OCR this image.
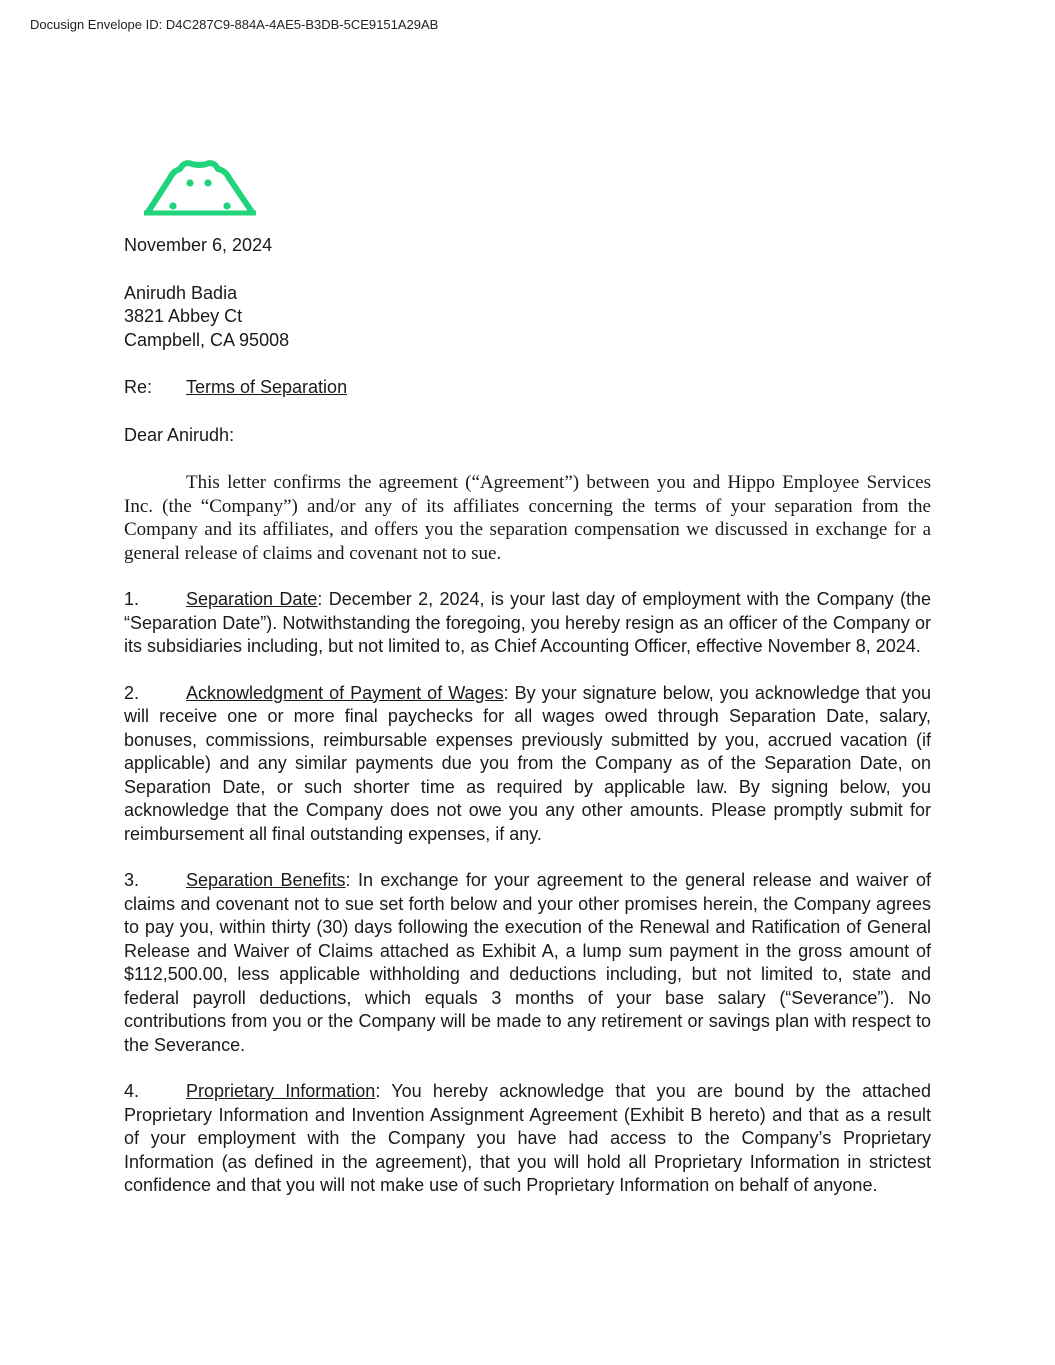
Docusign Envelope ID: D4C287C9-884A-4AE5-B3DB-5CE9151A29AB
November 6, 2024
Anirudh Badia
3821 Abbey Ct
Campbell, CA 95008
Re: Terms of Separation
Dear Anirudh:

This letter confirms the agreement (“Agreement”) between you and Hippo Employee Services Inc. (the “Company”) and/or any of its affiliates concerning the terms of your separation from the Company and its affiliates, and offers you the separation compensation we discussed in exchange for a general release of claims and covenant not to sue.

1.	Separation Date: December 2, 2024, is your last day of employment with the Company (the “Separation Date”). Notwithstanding the foregoing, you hereby resign as an officer of the Company or its subsidiaries including, but not limited to, as Chief Accounting Officer, effective November 8, 2024.

2.	Acknowledgment of Payment of Wages: By your signature below, you acknowledge that you will receive one or more final paychecks for all wages owed through Separation Date, salary, bonuses, commissions, reimbursable expenses previously submitted by you, accrued vacation (if applicable) and any similar payments due you from the Company as of the Separation Date, on Separation Date, or such shorter time as required by applicable law. By signing below, you acknowledge that the Company does not owe you any other amounts. Please promptly submit for reimbursement all final outstanding expenses, if any.

3.	Separation Benefits: In exchange for your agreement to the general release and waiver of claims and covenant not to sue set forth below and your other promises herein, the Company agrees to pay you, within thirty (30) days following the execution of the Renewal and Ratification of General Release and Waiver of Claims attached as Exhibit A, a lump sum payment in the gross amount of $112,500.00, less applicable withholding and deductions including, but not limited to, state and federal payroll deductions, which equals 3 months of your base salary (“Severance”). No contributions from you or the Company will be made to any retirement or savings plan with respect to the Severance.

4.	Proprietary Information: You hereby acknowledge that you are bound by the attached Proprietary Information and Invention Assignment Agreement (Exhibit B hereto) and that as a result of your employment with the Company you have had access to the Company’s Proprietary Information (as defined in the agreement), that you will hold all Proprietary Information in strictest confidence and that you will not make use of such Proprietary Information on behalf of anyone.
